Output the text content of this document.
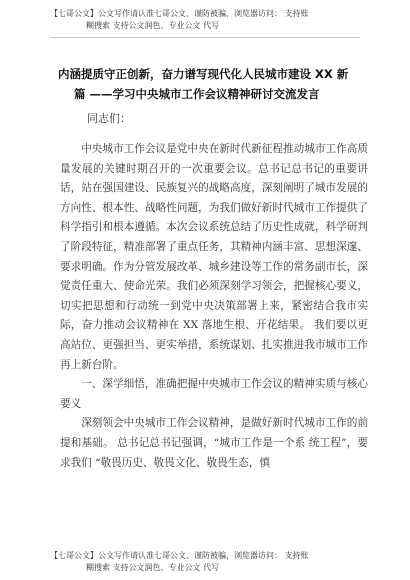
【七哥公文】公文写作请认准七哥公文、谨防被骗，浏览器访问： 支持账
糊搜索 支持公文润色、专业公文 代写
内涵提质守正创新，奋力谱写现代化人民城市建设 XX 新
篇 ——学习中央城市工作会议精神研讨交流发言
同志们：

中央城市工作会议是党中央在新时代新征程推动城市工作高质量发展的关键时期召开的一次重要会议。总书记总书记的重要讲话，站在强国建设、民族复兴的战略高度，深刻阐明了城市发展的方向性、根本性、战略性问题，为我们做好新时代城市工作提供了科学指引和根本遵循。本次会议系统总结了历史性成就，科学研判了阶段特征，精准部署了重点任务，其精神内涵丰富、思想深邃、要求明确。作为分管发展改革、城乡建设等工作的常务副市长，深觉责任重大、使命光荣。我们必须深刻学习领会，把握核心要义，切实把思想和行动统一到党中央决策部署上来，紧密结合我市实际，奋力推动会议精神在 XX 落地生根、开花结果。 我们要以更高站位、更强担当、更实举措，系统谋划、扎实推进我市城市工作再上新台阶。

一、深学细悟，准确把握中央城市工作会议的精神实质与核心要义

深刻领会中央城市工作会议精神，是做好新时代城市工作的前提和基础。 总书记总书记强调，“城市工作是一个系 统工程”，要求我们 “敬畏历史、敬畏文化、敬畏生态，慎

【七哥公文】公文写作请认准七哥公文、谨防被骗，浏览器访问： 支持账
糊搜索 支持公文润色、专业公文 代写
